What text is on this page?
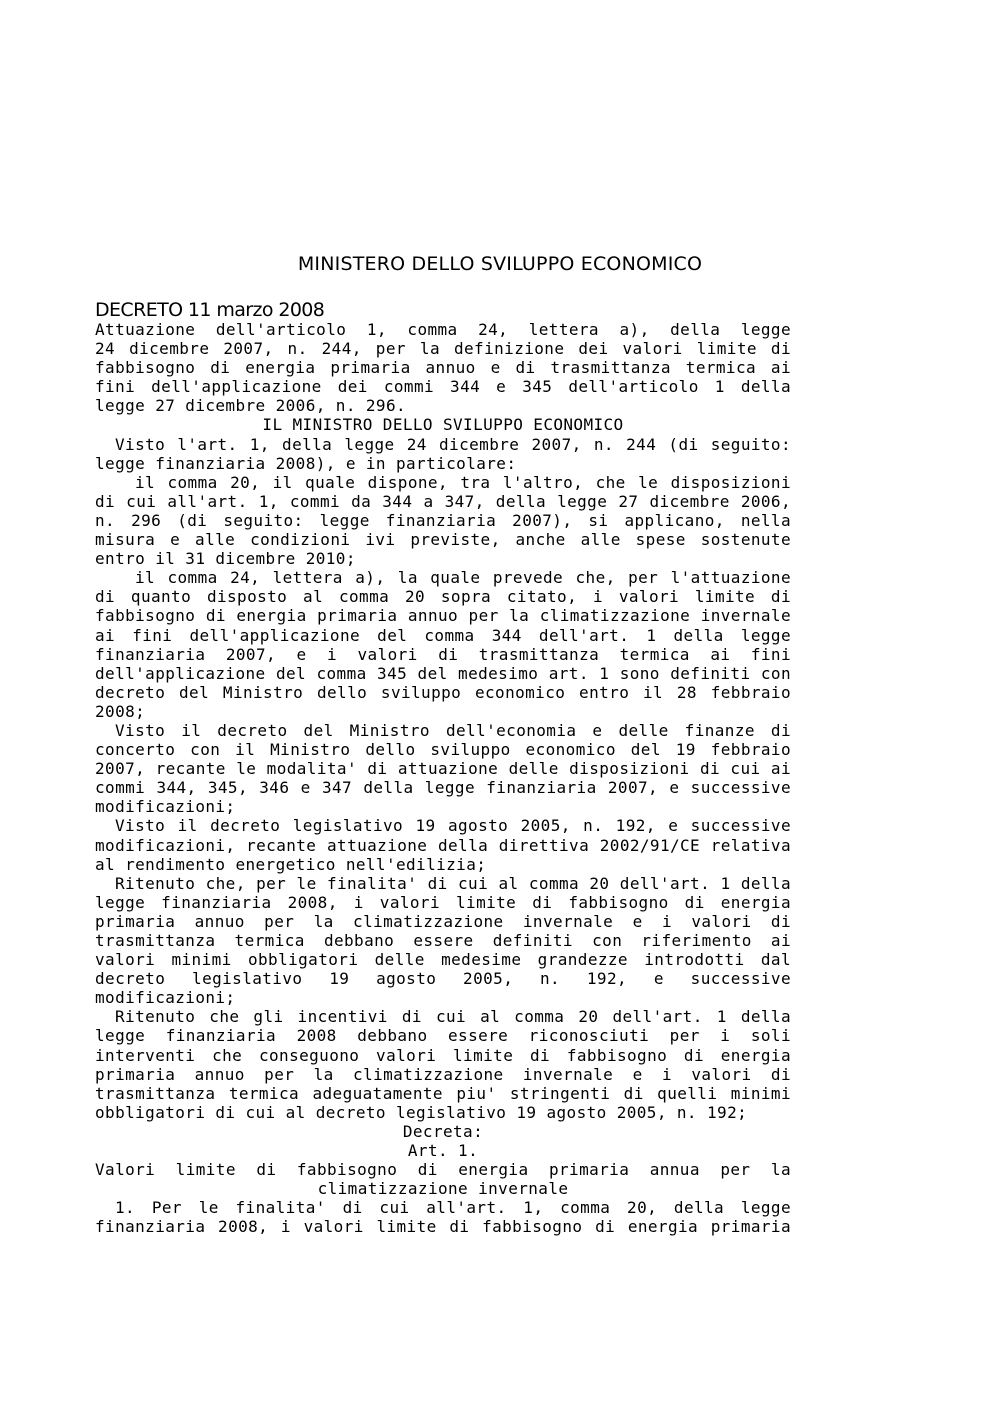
MINISTERO DELLO SVILUPPO ECONOMICO
DECRETO 11 marzo 2008
Attuazione dell'articolo 1, comma 24, lettera a), della legge
24 dicembre 2007, n. 244, per la definizione dei valori limite di
fabbisogno di energia primaria annuo e di trasmittanza termica ai
fini dell'applicazione dei commi 344 e 345 dell'articolo 1 della
legge 27 dicembre 2006, n. 296.
IL MINISTRO DELLO SVILUPPO ECONOMICO
Visto l'art. 1, della legge 24 dicembre 2007, n. 244 (di seguito:
legge finanziaria 2008), e in particolare:
il comma 20, il quale dispone, tra l'altro, che le disposizioni
di cui all'art. 1, commi da 344 a 347, della legge 27 dicembre 2006,
n. 296 (di seguito: legge finanziaria 2007), si applicano, nella
misura e alle condizioni ivi previste, anche alle spese sostenute
entro il 31 dicembre 2010;
il comma 24, lettera a), la quale prevede che, per l'attuazione
di quanto disposto al comma 20 sopra citato, i valori limite di
fabbisogno di energia primaria annuo per la climatizzazione invernale
ai fini dell'applicazione del comma 344 dell'art. 1 della legge
finanziaria 2007, e i valori di trasmittanza termica ai fini
dell'applicazione del comma 345 del medesimo art. 1 sono definiti con
decreto del Ministro dello sviluppo economico entro il 28 febbraio
2008;
Visto il decreto del Ministro dell'economia e delle finanze di
concerto con il Ministro dello sviluppo economico del 19 febbraio
2007, recante le modalita' di attuazione delle disposizioni di cui ai
commi 344, 345, 346 e 347 della legge finanziaria 2007, e successive
modificazioni;
Visto il decreto legislativo 19 agosto 2005, n. 192, e successive
modificazioni, recante attuazione della direttiva 2002/91/CE relativa
al rendimento energetico nell'edilizia;
Ritenuto che, per le finalita' di cui al comma 20 dell'art. 1 della
legge finanziaria 2008, i valori limite di fabbisogno di energia
primaria annuo per la climatizzazione invernale e i valori di
trasmittanza termica debbano essere definiti con riferimento ai
valori minimi obbligatori delle medesime grandezze introdotti dal
decreto legislativo 19 agosto 2005, n. 192, e successive
modificazioni;
Ritenuto che gli incentivi di cui al comma 20 dell'art. 1 della
legge finanziaria 2008 debbano essere riconosciuti per i soli
interventi che conseguono valori limite di fabbisogno di energia
primaria annuo per la climatizzazione invernale e i valori di
trasmittanza termica adeguatamente piu' stringenti di quelli minimi
obbligatori di cui al decreto legislativo 19 agosto 2005, n. 192;
Decreta:
Art. 1.
Valori limite di fabbisogno di energia primaria annua per la
climatizzazione invernale
1. Per le finalita' di cui all'art. 1, comma 20, della legge
finanziaria 2008, i valori limite di fabbisogno di energia primaria
